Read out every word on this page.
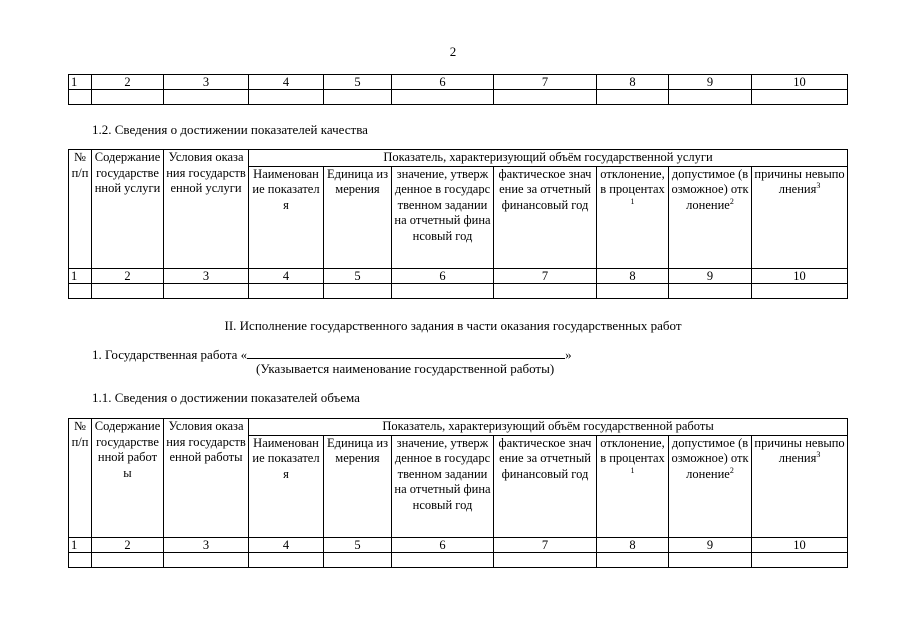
2
1	2	3	4	5	6	7	8	9	10

1.2. Сведения о достижении показателей качества
№ п/п	Содержание государственной услуги	Условия оказания государственной услуги	Показатель, характеризующий объём государственной услуги						
			Наименование показателя	Единица измерения	значение, утвержденное в государственном задании на отчетный финансовый год	фактическое значение за отчетный финансовый год	отклонение, в процентах$^1$	допустимое (возможное) отклонение$^2$	причины невыполнения$^3$
1	2	3	4	5	6	7	8	9	10

II. Исполнение государственного задания в части оказания государственных работ
1. Государственная работа «	»
(Указывается наименование государственной работы)
1.1. Сведения о достижении показателей объема
№ п/п	Содержание государственной работы	Условия оказания государственной работы	Показатель, характеризующий объём государственной работы						
			Наименование показателя	Единица измерения	значение, утвержденное в государственном задании на отчетный финансовый год	фактическое значение за отчетный финансовый год	отклонение, в процентах$^1$	допустимое (возможное) отклонение$^2$	причины невыполнения$^3$
1	2	3	4	5	6	7	8	9	10
